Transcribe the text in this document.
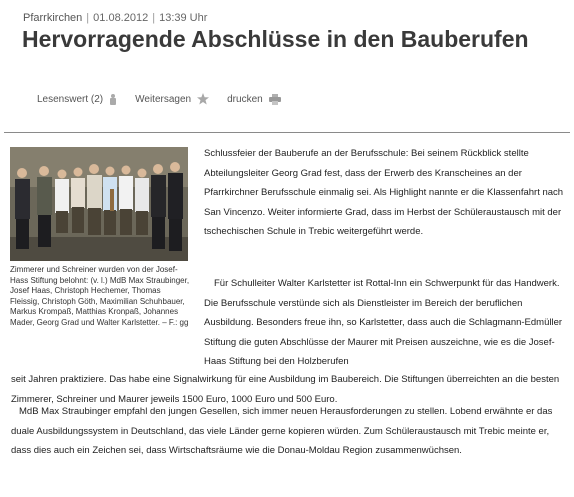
Pfarrkirchen | 01.08.2012 | 13:39 Uhr
Hervorragende Abschlüsse in den Bauberufen
Lesenswert (2)	Weitersagen	drucken
Zimmerer und Schreiner wurden von der Josef-Hass Stiftung belohnt: (v. l.) MdB Max Straubinger, Josef Haas, Christoph Hechemer, Thomas Fleissig, Christoph Göth, Maximilian Schuhbauer, Markus Krompaß, Matthias Kronpaß, Johannes Mader, Georg Grad und Walter Karlstetter. – F.: gg

Schlussfeier der Bauberufe an der Berufsschule: Bei seinem Rückblick stellte Abteilungsleiter Georg Grad fest, dass der Erwerb des Kranscheines an der Pfarrkirchner Berufsschule einmalig sei. Als Highlight nannte er die Klassenfahrt nach San Vincenzo. Weiter informierte Grad, dass im Herbst der Schüleraustausch mit der tschechischen Schule in Trebic weitergeführt werde.

Für Schulleiter Walter Karlstetter ist Rottal-Inn ein Schwerpunkt für das Handwerk. Die Berufsschule verstünde sich als Dienstleister im Bereich der beruflichen Ausbildung. Besonders freue ihn, so Karlstetter, dass auch die Schlagmann-Edmüller Stiftung die guten Abschlüsse der Maurer mit Preisen auszeichne, wie es die Josef-Haas Stiftung bei den Holzberufen

seit Jahren praktiziere. Das habe eine Signalwirkung für eine Ausbildung im Baubereich. Die Stiftungen überreichten an die besten Zimmerer, Schreiner und Maurer jeweils 1500 Euro, 1000 Euro und 500 Euro.

MdB Max Straubinger empfahl den jungen Gesellen, sich immer neuen Herausforderungen zu stellen. Lobend erwähnte er das duale Ausbildungssystem in Deutschland, das viele Länder gerne kopieren würden. Zum Schüleraustausch mit Trebic meinte er, dass dies auch ein Zeichen sei, dass Wirtschaftsräume wie die Donau-Moldau Region zusammenwüchsen.
